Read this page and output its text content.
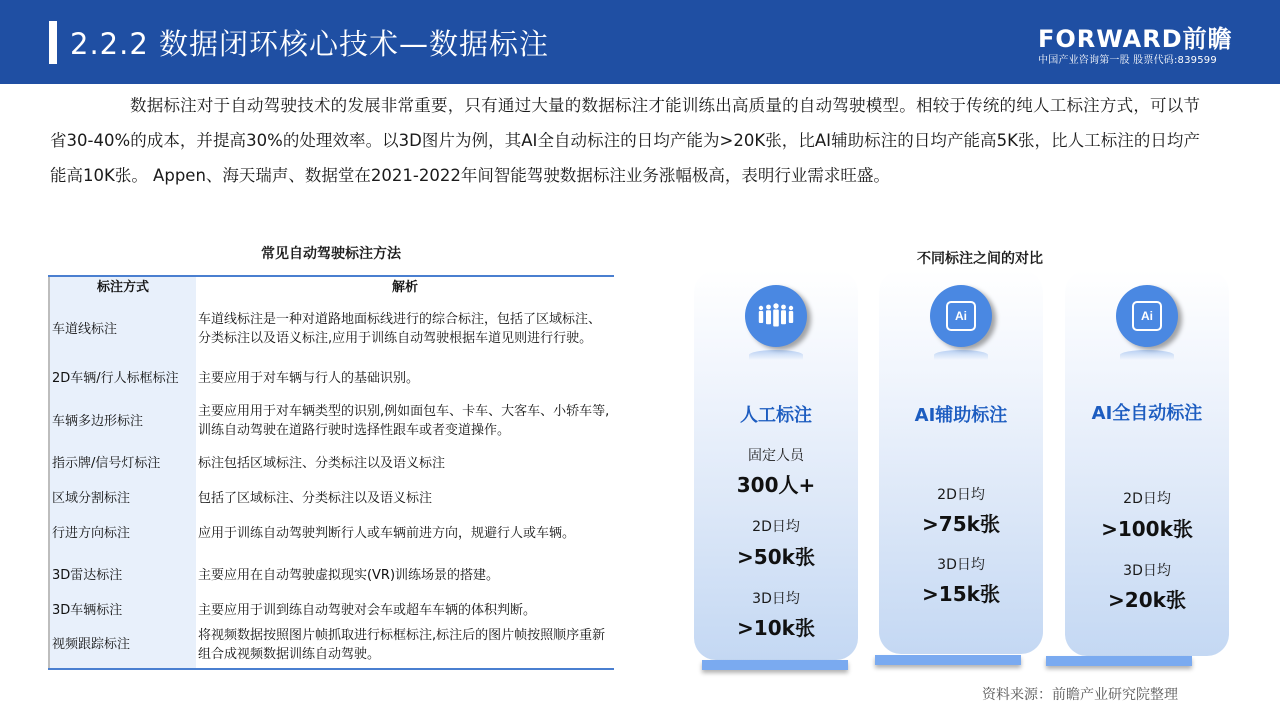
2.2.2 数据闭环核心技术—数据标注	FORWARD前瞻
中国产业咨询第一股 股票代码:839599

数据标注对于自动驾驶技术的发展非常重要，只有通过大量的数据标注才能训练出高质量的自动驾驶模型。相较于传统的纯人工标注方式，可以节省30-40%的成本，并提高30%的处理效率。以3D图片为例，其AI全自动标注的日均产能为>20K张，比AI辅助标注的日均产能高5K张，比人工标注的日均产能高10K张。 Appen、海天瑞声、数据堂在2021-2022年间智能驾驶数据标注业务涨幅极高，表明行业需求旺盛。

常见自动驾驶标注方法
标注方式	解析
车道线标注	车道线标注是一种对道路地面标线进行的综合标注，包括了区域标注、分类标注以及语义标注,应用于训练自动驾驶根据车道见则进行行驶。
2D车辆/行人标框标注	主要应用于对车辆与行人的基础识别。
车辆多边形标注	主要应用用于对车辆类型的识别,例如面包车、卡车、大客车、小轿车等,训练自动驾驶在道路行驶时选择性跟车或者变道操作。
指示牌/信号灯标注	标注包括区域标注、分类标注以及语义标注
区域分割标注	包括了区域标注、分类标注以及语义标注
行进方向标注	应用于训练自动驾驶判断行人或车辆前进方向，规避行人或车辆。
3D雷达标注	主要应用在自动驾驶虚拟现实(VR)训练场景的搭建。
3D车辆标注	主要应用于训到练自动驾驶对会车或超车车辆的体积判断。
视频跟踪标注	将视频数据按照图片帧抓取进行标框标注,标注后的图片帧按照顺序重新组合成视频数据训练自动驾驶。
不同标注之间的对比
人工标注
固定人员
300人+
2D日均
>50k张
3D日均
>10k张
Ai
AI辅助标注
2D日均
>75k张
3D日均
>15k张
Ai
AI全自动标注
2D日均
>100k张
3D日均
>20k张
资料来源：前瞻产业研究院整理
